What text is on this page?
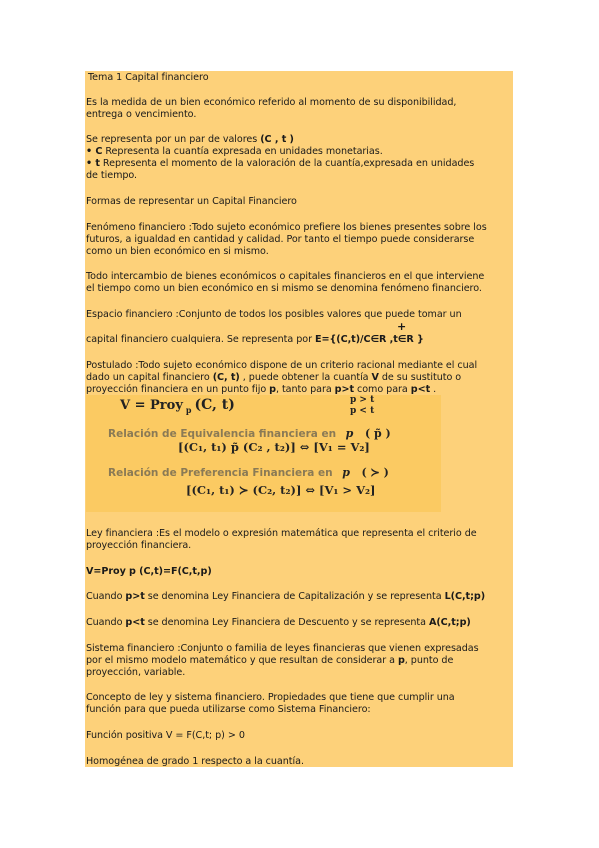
Tema 1 Capital financiero
Es la medida de un bien económico referido al momento de su disponibilidad,
entrega o vencimiento.
Se representa por un par de valores (C , t )
• C Representa la cuantía expresada en unidades monetarias.
• t Representa el momento de la valoración de la cuantía,expresada en unidades
de tiempo.
Formas de representar un Capital Financiero
Fenómeno financiero :Todo sujeto económico prefiere los bienes presentes sobre los
futuros, a igualdad en cantidad y calidad. Por tanto el tiempo puede considerarse
como un bien económico en si mismo.
Todo intercambio de bienes económicos o capitales financieros en el que interviene
el tiempo como un bien económico en si mismo se denomina fenómeno financiero.
Espacio financiero :Conjunto de todos los posibles valores que puede tomar un
+
capital financiero cualquiera. Se representa por E={(C,t)/C∈R ,t∈R }
Postulado :Todo sujeto económico dispone de un criterio racional mediante el cual
dado un capital financiero (C, t) , puede obtener la cuantía V de su sustituto o
proyección financiera en un punto fijo p, tanto para p>t como para p<t .
V = Proy $_p$ (C, t)	p > t
p < t
Relación de Equivalencia financiera en p ( p̃ )
[(C₁, t₁) p̃ (C₂ , t₂)] ⇔ [V₁ = V₂]
Relación de Preferencia Financiera en p ( ≻ )
[(C₁, t₁) ≻ (C₂, t₂)] ⇔ [V₁ > V₂]
Ley financiera :Es el modelo o expresión matemática que representa el criterio de
proyección financiera.
V=Proy p (C,t)=F(C,t,p)
Cuando p>t se denomina Ley Financiera de Capitalización y se representa L(C,t;p)
Cuando p<t se denomina Ley Financiera de Descuento y se representa A(C,t;p)
Sistema financiero :Conjunto o familia de leyes financieras que vienen expresadas
por el mismo modelo matemático y que resultan de considerar a p, punto de
proyección, variable.
Concepto de ley y sistema financiero. Propiedades que tiene que cumplir una
función para que pueda utilizarse como Sistema Financiero:
Función positiva V = F(C,t; p) > 0
Homogénea de grado 1 respecto a la cuantía.
